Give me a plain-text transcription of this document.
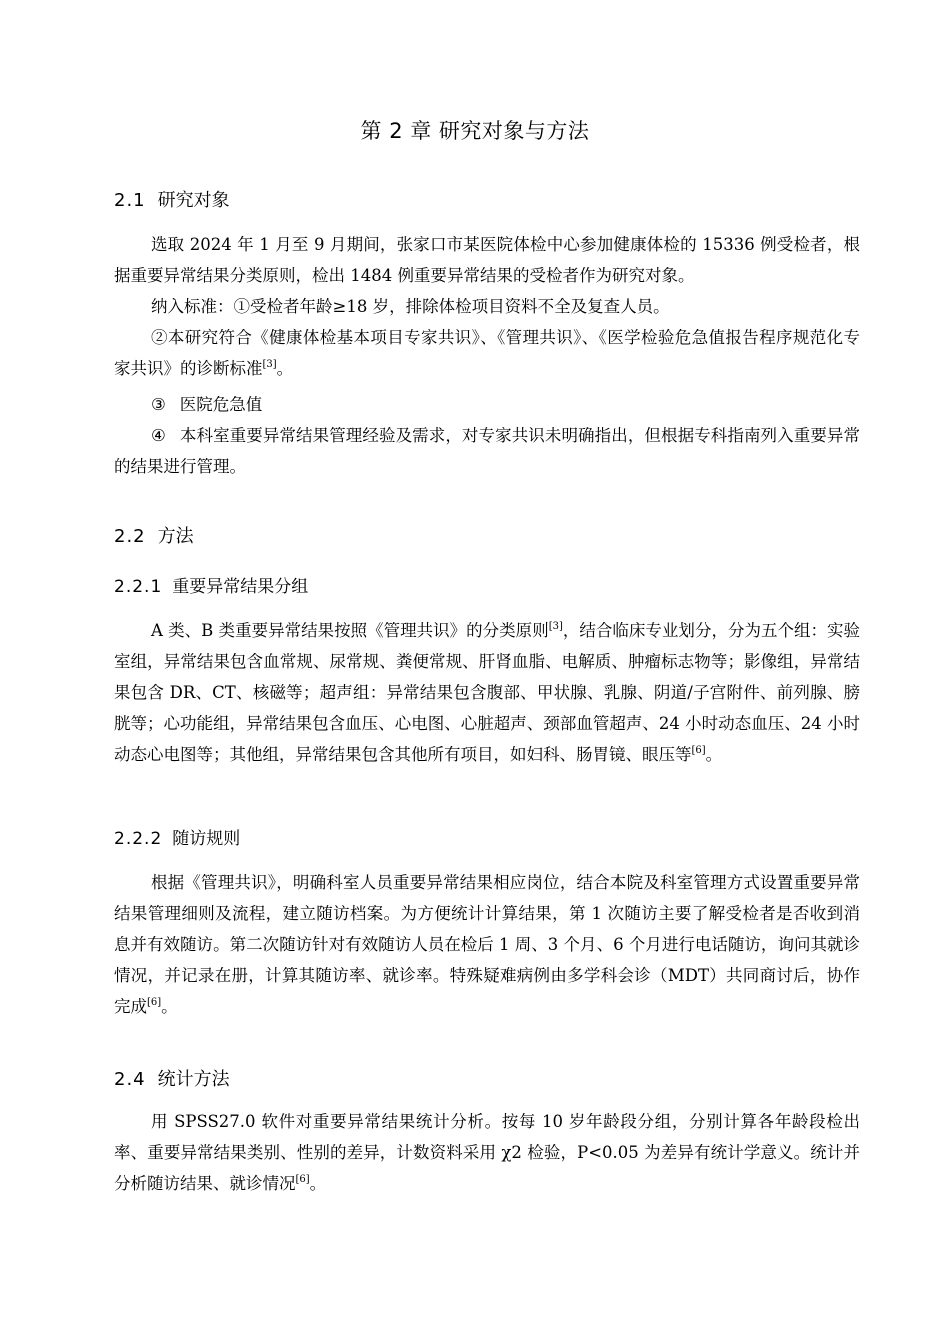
第 2 章 研究对象与方法
2.1 研究对象
选取 2024 年 1 月至 9 月期间，张家口市某医院体检中心参加健康体检的 15336 例受检者，根据重要异常结果分类原则，检出 1484 例重要异常结果的受检者作为研究对象。
纳入标准：①受检者年龄≥18 岁，排除体检项目资料不全及复查人员。
②本研究符合《健康体检基本项目专家共识》、《管理共识》、《医学检验危急值报告程序规范化专家共识》的诊断标准[3]。
③ 医院危急值
④ 本科室重要异常结果管理经验及需求，对专家共识未明确指出，但根据专科指南列入重要异常的结果进行管理。
2.2 方法
2.2.1 重要异常结果分组
A 类、B 类重要异常结果按照《管理共识》的分类原则[3]，结合临床专业划分，分为五个组：实验室组，异常结果包含血常规、尿常规、粪便常规、肝肾血脂、电解质、肿瘤标志物等；影像组，异常结果包含 DR、CT、核磁等；超声组：异常结果包含腹部、甲状腺、乳腺、阴道/子宫附件、前列腺、膀胱等；心功能组，异常结果包含血压、心电图、心脏超声、颈部血管超声、24 小时动态血压、24 小时动态心电图等；其他组，异常结果包含其他所有项目，如妇科、肠胃镜、眼压等[6]。
2.2.2 随访规则
根据《管理共识》，明确科室人员重要异常结果相应岗位，结合本院及科室管理方式设置重要异常结果管理细则及流程，建立随访档案。为方便统计计算结果，第 1 次随访主要了解受检者是否收到消息并有效随访。第二次随访针对有效随访人员在检后 1 周、3 个月、6 个月进行电话随访，询问其就诊情况，并记录在册，计算其随访率、就诊率。特殊疑难病例由多学科会诊（MDT）共同商讨后，协作完成[6]。
2.4 统计方法
用 SPSS27.0 软件对重要异常结果统计分析。按每 10 岁年龄段分组，分别计算各年龄段检出率、重要异常结果类别、性别的差异，计数资料采用 χ2 检验，P<0.05 为差异有统计学意义。统计并分析随访结果、就诊情况[6]。
